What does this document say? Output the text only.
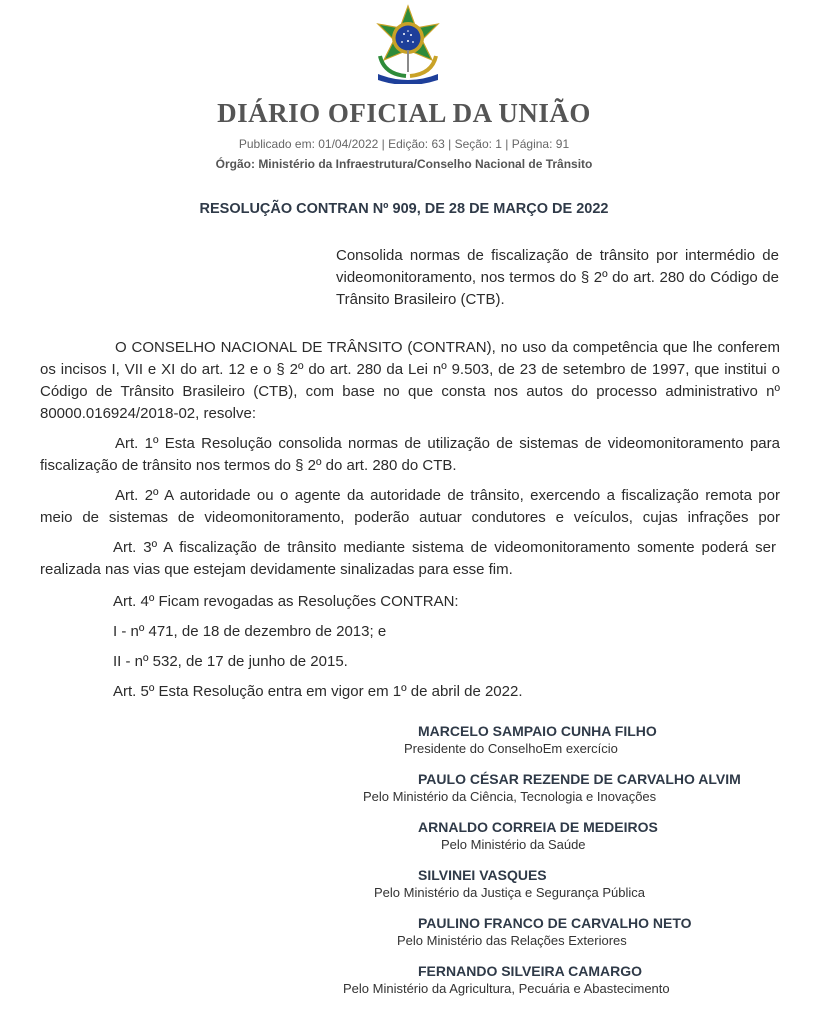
DIÁRIO OFICIAL DA UNIÃO
Publicado em: 01/04/2022 | Edição: 63 | Seção: 1 | Página: 91
Órgão: Ministério da Infraestrutura/Conselho Nacional de Trânsito
RESOLUÇÃO CONTRAN Nº 909, DE 28 DE MARÇO DE 2022
Consolida normas de fiscalização de trânsito por intermédio de videomonitoramento, nos termos do § 2º do art. 280 do Código de Trânsito Brasileiro (CTB).
O CONSELHO NACIONAL DE TRÂNSITO (CONTRAN), no uso da competência que lhe conferem os incisos I, VII e XI do art. 12 e o § 2º do art. 280 da Lei nº 9.503, de 23 de setembro de 1997, que institui o Código de Trânsito Brasileiro (CTB), com base no que consta nos autos do processo administrativo nº 80000.016924/2018-02, resolve:
Art. 1º Esta Resolução consolida normas de utilização de sistemas de videomonitoramento para fiscalização de trânsito nos termos do § 2º do art. 280 do CTB.
Art. 2º A autoridade ou o agente da autoridade de trânsito, exercendo a fiscalização remota por meio de sistemas de videomonitoramento, poderão autuar condutores e veículos, cujas infrações por
Art. 3º A fiscalização de trânsito mediante sistema de videomonitoramento somente poderá ser realizada nas vias que estejam devidamente sinalizadas para esse fim.
Art. 4º Ficam revogadas as Resoluções CONTRAN:
I - nº 471, de 18 de dezembro de 2013; e
II - nº 532, de 17 de junho de 2015.
Art. 5º Esta Resolução entra em vigor em 1º de abril de 2022.
MARCELO SAMPAIO CUNHA FILHO
Presidente do ConselhoEm exercício
PAULO CÉSAR REZENDE DE CARVALHO ALVIM
Pelo Ministério da Ciência, Tecnologia e Inovações
ARNALDO CORREIA DE MEDEIROS
Pelo Ministério da Saúde
SILVINEI VASQUES
Pelo Ministério da Justiça e Segurança Pública
PAULINO FRANCO DE CARVALHO NETO
Pelo Ministério das Relações Exteriores
FERNANDO SILVEIRA CAMARGO
Pelo Ministério da Agricultura, Pecuária e Abastecimento
